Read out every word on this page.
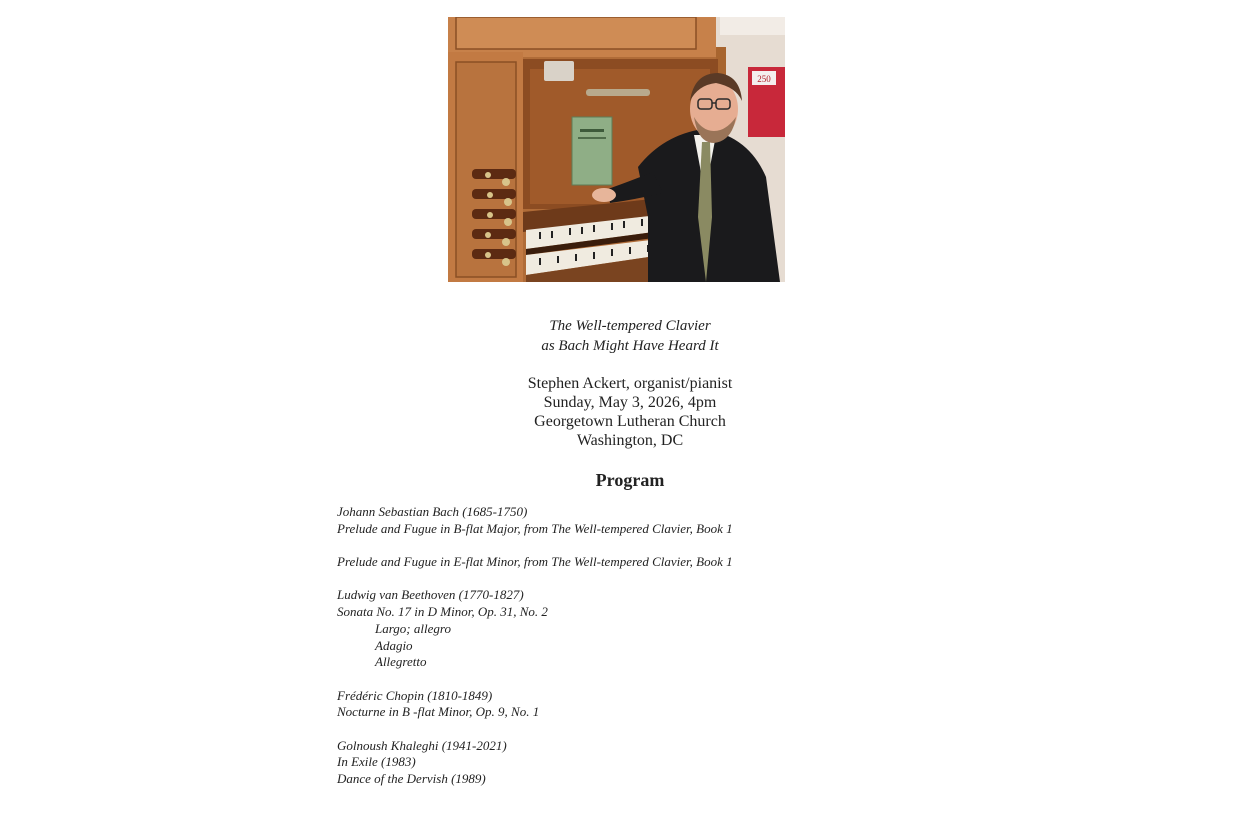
250
The Well-tempered Clavier
as Bach Might Have Heard It
Stephen Ackert, organist/pianist
Sunday, May 3, 2026, 4pm
Georgetown Lutheran Church
Washington, DC
Program
Johann Sebastian Bach (1685-1750)
Prelude and Fugue in B-flat Major, from The Well-tempered Clavier, Book 1
Prelude and Fugue in E-flat Minor, from The Well-tempered Clavier, Book 1
Ludwig van Beethoven (1770-1827)
Sonata No. 17 in D Minor, Op. 31, No. 2
Largo; allegro
Adagio
Allegretto
Frédéric Chopin (1810-1849)
Nocturne in B -flat Minor, Op. 9, No. 1
Golnoush Khaleghi (1941-2021)
In Exile (1983)
Dance of the Dervish (1989)
